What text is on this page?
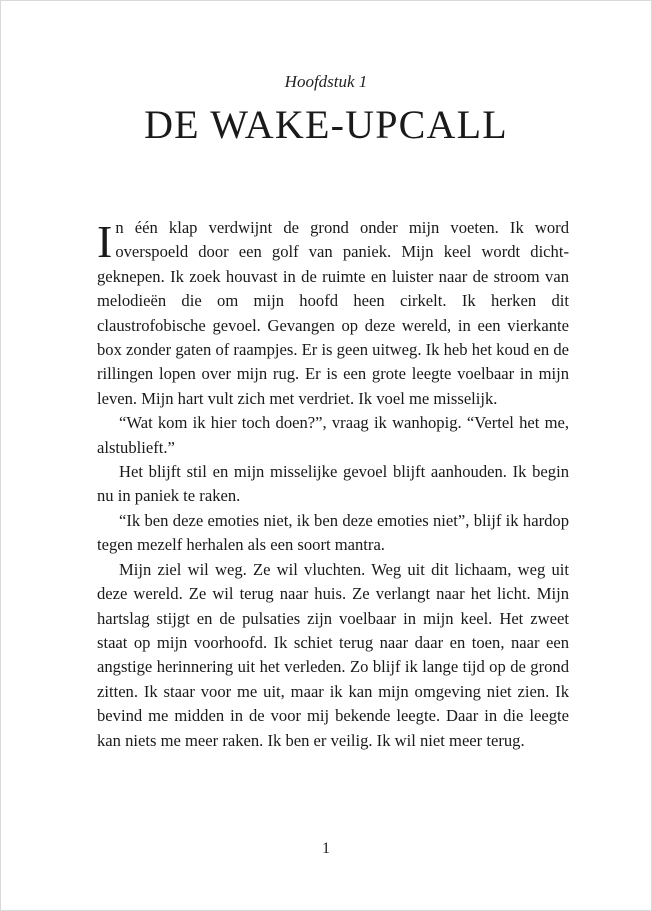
Hoofdstuk 1
DE WAKE-UPCALL

In één klap verdwijnt de grond onder mijn voeten. Ik word overspoeld door een golf van paniek. Mijn keel wordt dichtgeknepen. Ik zoek houvast in de ruimte en luister naar de stroom van melodieën die om mijn hoofd heen cirkelt. Ik herken dit claustrofobische gevoel. Gevangen op deze wereld, in een vierkante box zonder gaten of raampjes. Er is geen uitweg. Ik heb het koud en de rillingen lopen over mijn rug. Er is een grote leegte voelbaar in mijn leven. Mijn hart vult zich met verdriet. Ik voel me misselijk.

“Wat kom ik hier toch doen?”, vraag ik wanhopig. “Vertel het me, alstublieft.”

Het blijft stil en mijn misselijke gevoel blijft aanhouden. Ik begin nu in paniek te raken.

“Ik ben deze emoties niet, ik ben deze emoties niet”, blijf ik hardop tegen mezelf herhalen als een soort mantra.

Mijn ziel wil weg. Ze wil vluchten. Weg uit dit lichaam, weg uit deze wereld. Ze wil terug naar huis. Ze verlangt naar het licht. Mijn hartslag stijgt en de pulsaties zijn voelbaar in mijn keel. Het zweet staat op mijn voorhoofd. Ik schiet terug naar daar en toen, naar een angstige herinnering uit het verleden. Zo blijf ik lange tijd op de grond zitten. Ik staar voor me uit, maar ik kan mijn omgeving niet zien. Ik bevind me midden in de voor mij bekende leegte. Daar in die leegte kan niets me meer raken. Ik ben er veilig. Ik wil niet meer terug.

1
